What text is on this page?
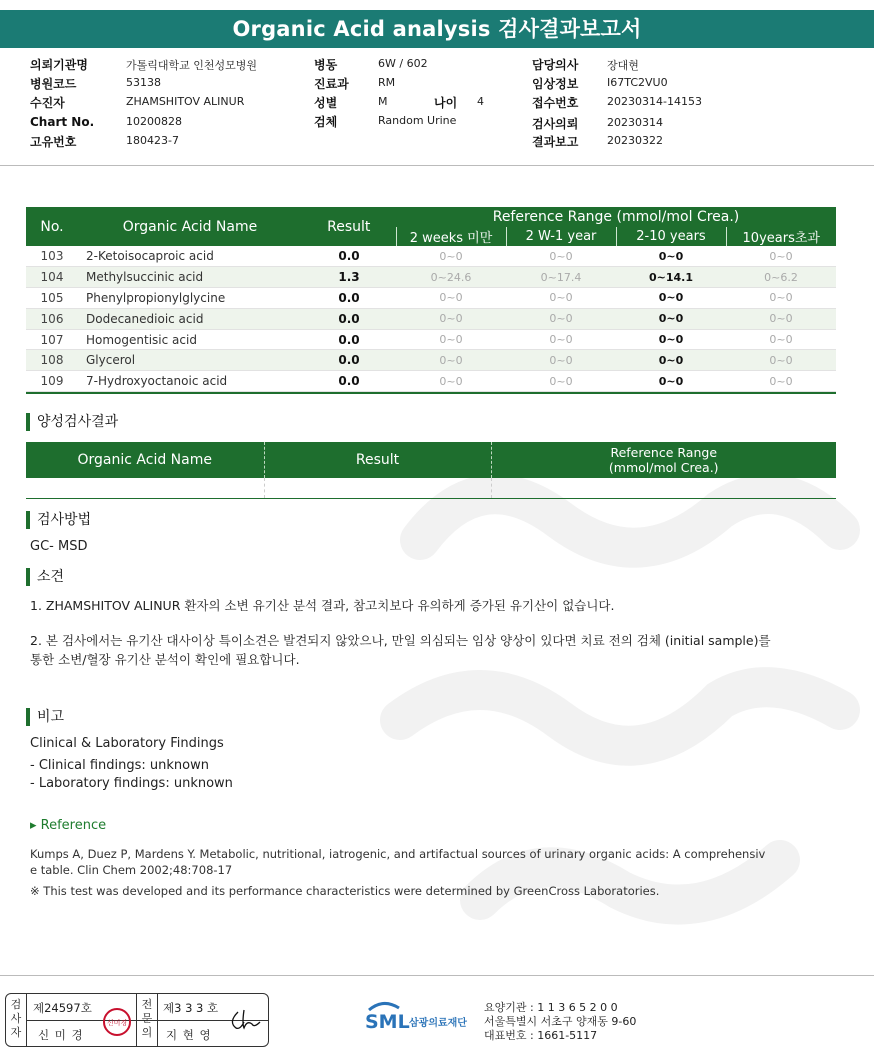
Organic Acid analysis 검사결과보고서
의뢰기관명	가톨릭대학교 인천성모병원
병원코드	53138
수진자	ZHAMSHITOV ALINUR
Chart No.	10200828
고유번호	180423-7
병동	6W / 602
진료과	RM
성별	M	나이 4
검체	Random Urine
담당의사	장대현
임상정보	I67TC2VU0
접수번호	20230314-14153
검사의뢰	20230314
결과보고	20230322
No.	Organic Acid Name	Result	Reference Range (mmol/mol Crea.)			
			2 weeks 미만	2 W-1 year	2-10 years	10years초과
103	2-Ketoisocaproic acid	0.0	0~0	0~0	0~0	0~0
104	Methylsuccinic acid	1.3	0~24.6	0~17.4	0~14.1	0~6.2
105	Phenylpropionylglycine	0.0	0~0	0~0	0~0	0~0
106	Dodecanedioic acid	0.0	0~0	0~0	0~0	0~0
107	Homogentisic acid	0.0	0~0	0~0	0~0	0~0
108	Glycerol	0.0	0~0	0~0	0~0	0~0
109	7-Hydroxyoctanoic acid	0.0	0~0	0~0	0~0	0~0

양성검사결과
Organic Acid Name	Result	Reference Range
(mmol/mol Crea.)

검사방법
GC- MSD
소견
1. ZHAMSHITOV ALINUR 환자의 소변 유기산 분석 결과, 참고치보다 유의하게 증가된 유기산이 없습니다.
2. 본 검사에서는 유기산 대사이상 특이소견은 발견되지 않았으나, 만일 의심되는 임상 양상이 있다면 치료 전의 검체 (initial sample)를
통한 소변/혈장 유기산 분석이 확인에 필요합니다.
비고
Clinical & Laboratory Findings
- Clinical findings: unknown
- Laboratory findings: unknown
▸ Reference
Kumps A, Duez P, Mardens Y. Metabolic, nutritional, iatrogenic, and artifactual sources of urinary organic acids: A comprehensiv
e table. Clin Chem 2002;48:708-17
※ This test was developed and its performance characteristics were determined by GreenCross Laboratories.
검사자
제24597호
신 미 경
신미경
전문의
제3 3 3 호
지 현 영
SML 삼광의료재단
요양기관 : 1 1 3 6 5 2 0 0
서울특별시 서초구 양재동 9-60
대표번호 : 1661-5117
